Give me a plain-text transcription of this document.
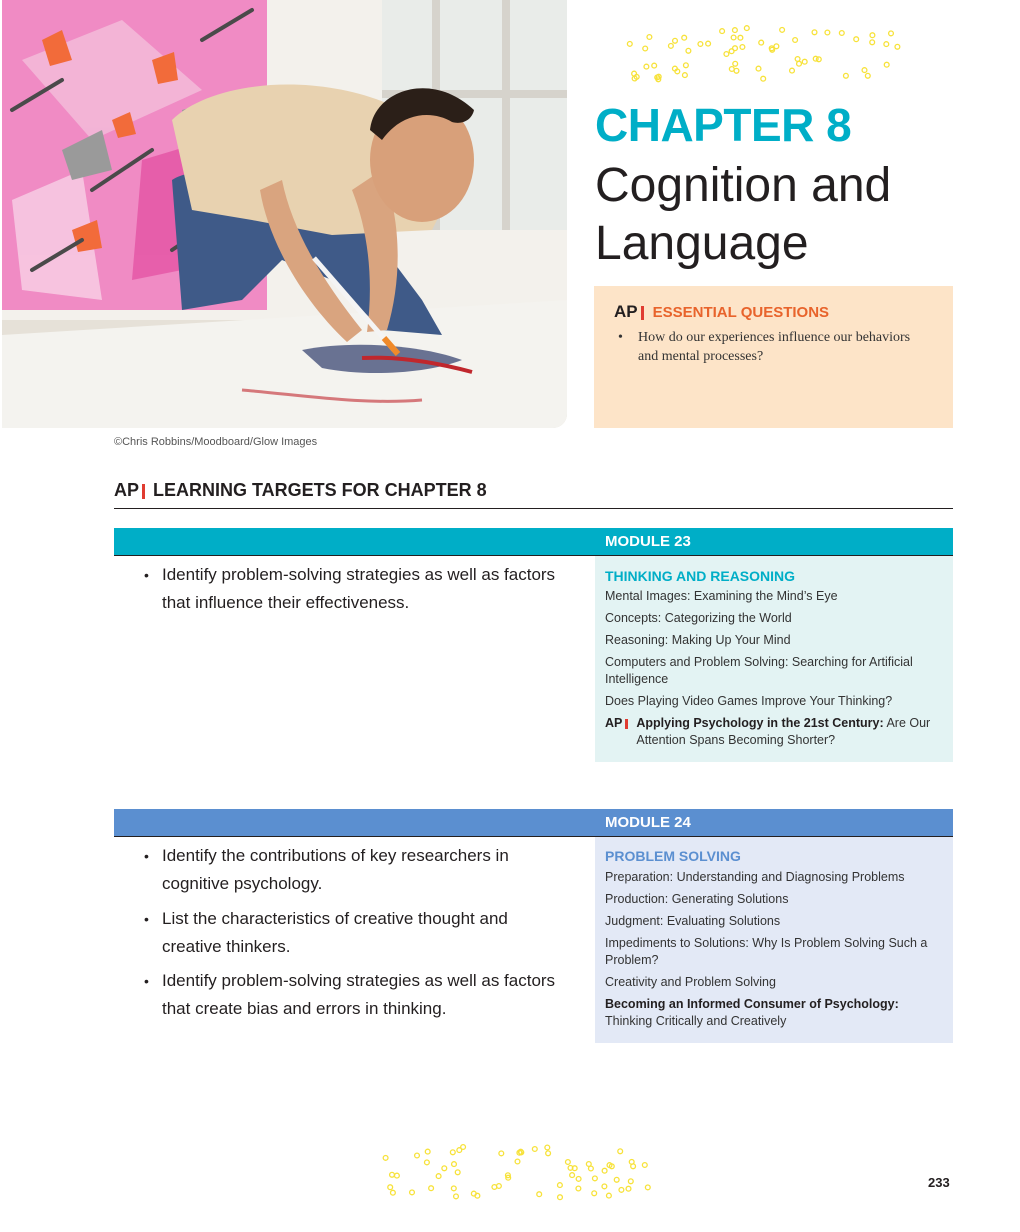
©Chris Robbins/Moodboard/Glow Images
CHAPTER 8
Cognition and
Language
AP	ESSENTIAL QUESTIONS
• How do our experiences influence our behaviors and mental processes?
AP LEARNING TARGETS FOR CHAPTER 8
MODULE 23
• Identify problem-solving strategies as well as factors that influence their effectiveness.
THINKING AND REASONING
Mental Images: Examining the Mind’s Eye
Concepts: Categorizing the World
Reasoning: Making Up Your Mind
Computers and Problem Solving: Searching for Artificial Intelligence
Does Playing Video Games Improve Your Thinking?
AP	Applying Psychology in the 21st Century: Are Our Attention Spans Becoming Shorter?
MODULE 24
• Identify the contributions of key researchers in cognitive psychology.
• List the characteristics of creative thought and creative thinkers.
• Identify problem-solving strategies as well as factors that create bias and errors in thinking.
PROBLEM SOLVING
Preparation: Understanding and Diagnosing Problems
Production: Generating Solutions
Judgment: Evaluating Solutions
Impediments to Solutions: Why Is Problem Solving Such a Problem?
Creativity and Problem Solving
Becoming an Informed Consumer of Psychology:
Thinking Critically and Creatively
233
